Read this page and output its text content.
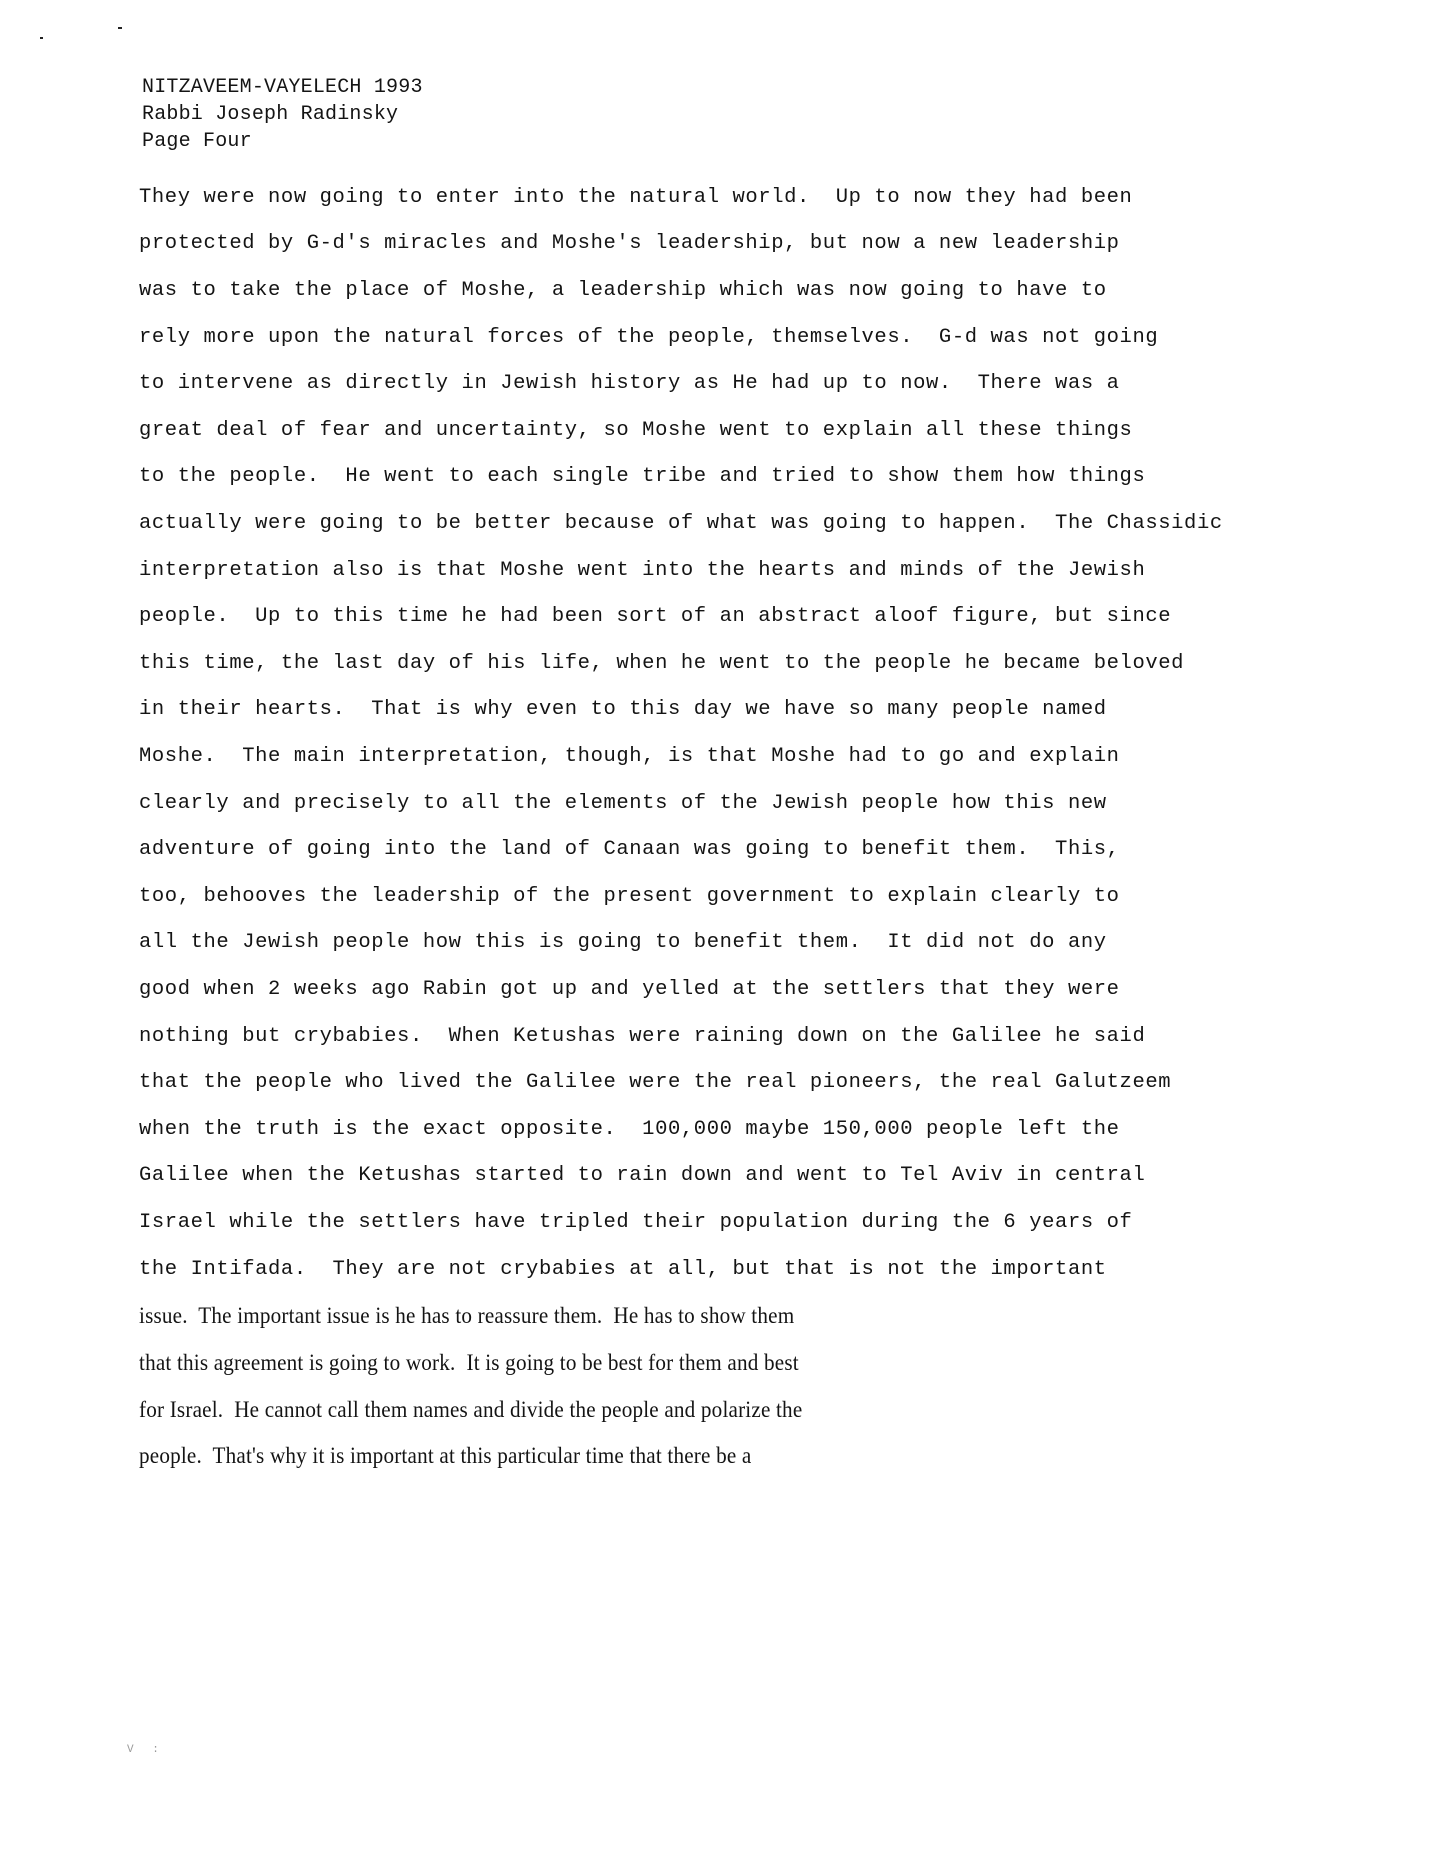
NITZAVEEM-VAYELECH 1993
Rabbi Joseph Radinsky
Page Four
They were now going to enter into the natural world.  Up to now they had been
protected by G-d's miracles and Moshe's leadership, but now a new leadership
was to take the place of Moshe, a leadership which was now going to have to
rely more upon the natural forces of the people, themselves.  G-d was not going
to intervene as directly in Jewish history as He had up to now.  There was a
great deal of fear and uncertainty, so Moshe went to explain all these things
to the people.  He went to each single tribe and tried to show them how things
actually were going to be better because of what was going to happen.  The Chassidic
interpretation also is that Moshe went into the hearts and minds of the Jewish
people.  Up to this time he had been sort of an abstract aloof figure, but since
this time, the last day of his life, when he went to the people he became beloved
in their hearts.  That is why even to this day we have so many people named
Moshe.  The main interpretation, though, is that Moshe had to go and explain
clearly and precisely to all the elements of the Jewish people how this new
adventure of going into the land of Canaan was going to benefit them.  This,
too, behooves the leadership of the present government to explain clearly to
all the Jewish people how this is going to benefit them.  It did not do any
good when 2 weeks ago Rabin got up and yelled at the settlers that they were
nothing but crybabies.  When Ketushas were raining down on the Galilee he said
that the people who lived the Galilee were the real pioneers, the real Galutzeem
when the truth is the exact opposite.  100,000 maybe 150,000 people left the
Galilee when the Ketushas started to rain down and went to Tel Aviv in central
Israel while the settlers have tripled their population during the 6 years of
the Intifada.  They are not crybabies at all, but that is not the important
issue.  The important issue is he has to reassure them.  He has to show them
that this agreement is going to work.  It is going to be best for them and best
for Israel.  He cannot call them names and divide the people and polarize the
people.  That's why it is important at this particular time that there be a
V :
